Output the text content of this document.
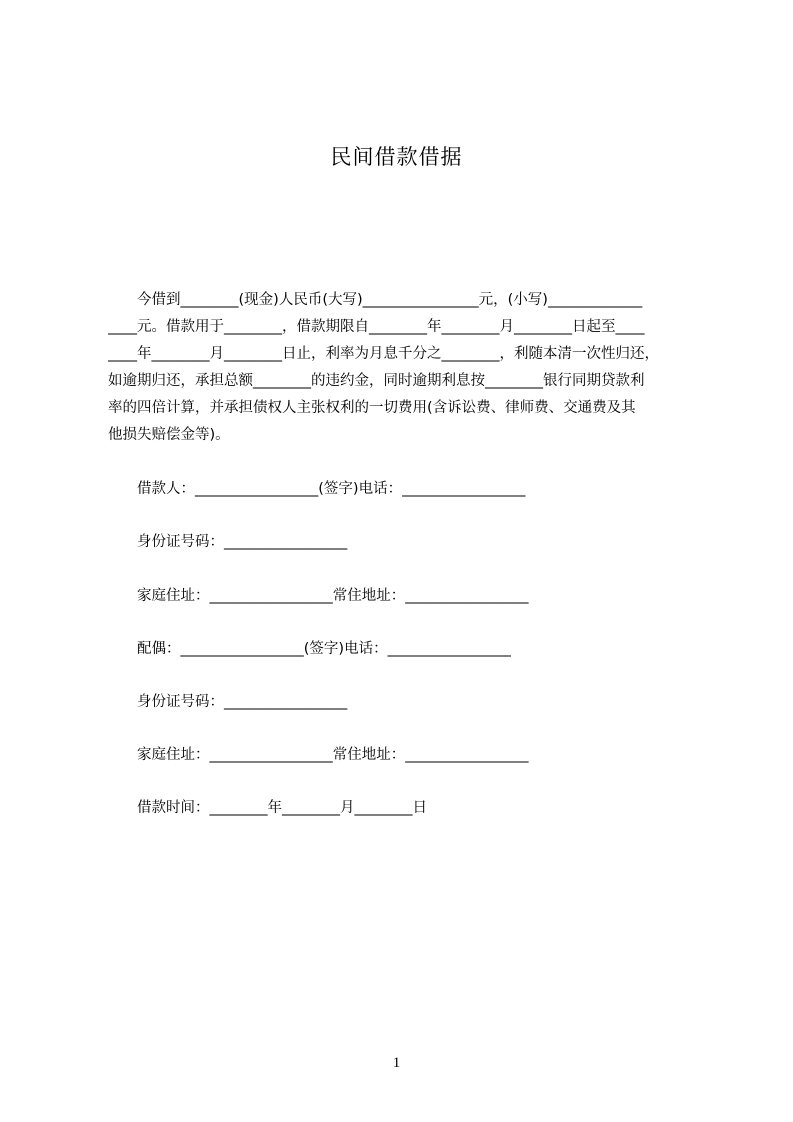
民间借款借据

　　今借到________(现金)人民币(大写)________________元，(小写)_____________

____元。借款用于________，借款期限自________年________月________日起至____

____年________月________日止，利率为月息千分之________，利随本清一次性归还，

如逾期归还，承担总额________的违约金，同时逾期利息按________银行同期贷款利

率的四倍计算，并承担债权人主张权利的一切费用(含诉讼费、律师费、交通费及其

他损失赔偿金等)。

借款人：_________________(签字)电话：_________________

身份证号码：_________________

家庭住址：_________________常住地址：_________________

配偶：_________________(签字)电话：_________________

身份证号码：_________________

家庭住址：_________________常住地址：_________________

借款时间：________年________月________日

1
